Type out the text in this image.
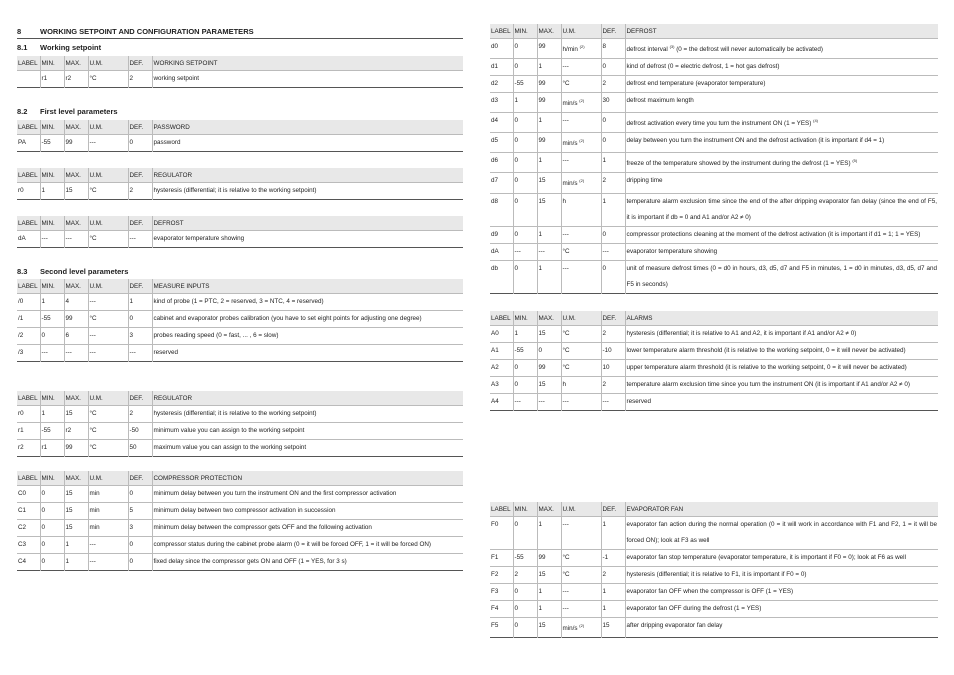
8	WORKING SETPOINT AND CONFIGURATION PARAMETERS
8.1 Working setpoint
LABEL	MIN.	MAX.	U.M.	DEF.	WORKING SETPOINT
	r1	r2	°C	2	working setpoint
8.2 First level parameters
LABEL	MIN.	MAX.	U.M.	DEF.	PASSWORD
PA	-55	99	---	0	password
LABEL	MIN.	MAX.	U.M.	DEF.	REGULATOR
r0	1	15	°C	2	hysteresis (differential; it is relative to the working setpoint)
LABEL	MIN.	MAX.	U.M.	DEF.	DEFROST
dA	---	---	°C	---	evaporator temperature showing
8.3 Second level parameters
LABEL	MIN.	MAX.	U.M.	DEF.	MEASURE INPUTS
/0	1	4	---	1	kind of probe (1 = PTC, 2 = reserved, 3 = NTC, 4 = reserved)
/1	-55	99	°C	0	cabinet and evaporator probes calibration (you have to set eight points for adjusting one degree)
/2	0	6	---	3	probes reading speed (0 = fast, ... , 6 = slow)
/3	---	---	---	---	reserved
LABEL	MIN.	MAX.	U.M.	DEF.	REGULATOR
r0	1	15	°C	2	hysteresis (differential; it is relative to the working setpoint)
r1	-55	r2	°C	-50	minimum value you can assign to the working setpoint
r2	r1	99	°C	50	maximum value you can assign to the working setpoint
LABEL	MIN.	MAX.	U.M.	DEF.	COMPRESSOR PROTECTION
C0	0	15	min	0	minimum delay between you turn the instrument ON and the first compressor activation
C1	0	15	min	5	minimum delay between two compressor activation in succession
C2	0	15	min	3	minimum delay between the compressor gets OFF and the following activation
C3	0	1	---	0	compressor status during the cabinet probe alarm (0 = it will be forced OFF, 1 = it will be forced ON)
C4	0	1	---	0	fixed delay since the compressor gets ON and OFF (1 = YES, for 3 s)
LABEL	MIN.	MAX.	U.M.	DEF.	DEFROST
d0	0	99	h/min $^{(2)}$	8	defrost interval $^{(3)}$ (0 = the defrost will never automatically be activated)
d1	0	1	---	0	kind of defrost (0 = electric defrost, 1 = hot gas defrost)
d2	-55	99	°C	2	defrost end temperature (evaporator temperature)
d3	1	99	min/s $^{(2)}$	30	defrost maximum length
d4	0	1	---	0	defrost activation every time you turn the instrument ON (1 = YES) $^{(4)}$
d5	0	99	min/s $^{(2)}$	0	delay between you turn the instrument ON and the defrost activation (it is important if d4 = 1)
d6	0	1	---	1	freeze of the temperature showed by the instrument during the defrost (1 = YES) $^{(5)}$
d7	0	15	min/s $^{(2)}$	2	dripping time
d8	0	15	h	1	temperature alarm exclusion time since the end of the after dripping evaporator fan delay (since the end of F5, it is important if db = 0 and A1 and/or A2 ≠ 0)
d9	0	1	---	0	compressor protections cleaning at the moment of the defrost activation (it is important if d1 = 1; 1 = YES)
dA	---	---	°C	---	evaporator temperature showing
db	0	1	---	0	unit of measure defrost times (0 = d0 in hours, d3, d5, d7 and F5 in minutes, 1 = d0 in minutes, d3, d5, d7 and F5 in seconds)
LABEL	MIN.	MAX.	U.M.	DEF.	ALARMS
A0	1	15	°C	2	hysteresis (differential; it is relative to A1 and A2, it is important if A1 and/or A2 ≠ 0)
A1	-55	0	°C	-10	lower temperature alarm threshold (it is relative to the working setpoint, 0 = it will never be activated)
A2	0	99	°C	10	upper temperature alarm threshold (it is relative to the working setpoint, 0 = it will never be activated)
A3	0	15	h	2	temperature alarm exclusion time since you turn the instrument ON (it is important if A1 and/or A2 ≠ 0)
A4	---	---	---	---	reserved
LABEL	MIN.	MAX.	U.M.	DEF.	EVAPORATOR FAN
F0	0	1	---	1	evaporator fan action during the normal operation (0 = it will work in accordance with F1 and F2, 1 = it will be forced ON); look at F3 as well
F1	-55	99	°C	-1	evaporator fan stop temperature (evaporator temperature, it is important if F0 = 0); look at F6 as well
F2	2	15	°C	2	hysteresis (differential; it is relative to F1, it is important if F0 = 0)
F3	0	1	---	1	evaporator fan OFF when the compressor is OFF (1 = YES)
F4	0	1	---	1	evaporator fan OFF during the defrost (1 = YES)
F5	0	15	min/s $^{(2)}$	15	after dripping evaporator fan delay
